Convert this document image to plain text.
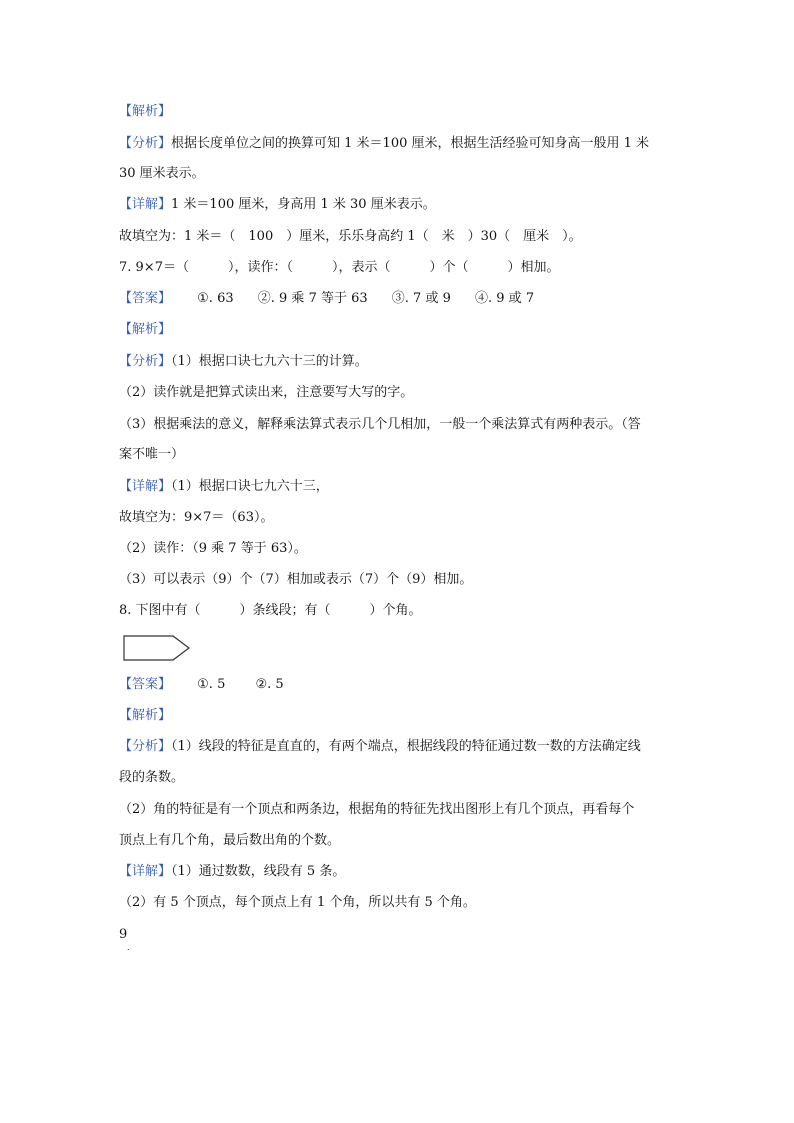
【解析】
【分析】根据长度单位之间的换算可知 1 米＝100 厘米，根据生活经验可知身高一般用 1 米
30 厘米表示。
【详解】1 米＝100 厘米，身高用 1 米 30 厘米表示。
故填空为：1 米＝（　100　）厘米，乐乐身高约 1（　米　）30（　厘米　）。
7. 9×7＝（　　　），读作：（　　　），表示（　　　）个（　　　）相加。
【答案】 ①. 63 ②. 9 乘 7 等于 63 ③. 7 或 9 ④. 9 或 7
【解析】
【分析】（1）根据口诀七九六十三的计算。
（2）读作就是把算式读出来，注意要写大写的字。
（3）根据乘法的意义，解释乘法算式表示几个几相加，一般一个乘法算式有两种表示。（答
案不唯一）
【详解】（1）根据口诀七九六十三，
故填空为：9×7＝（63）。
（2）读作：（9 乘 7 等于 63）。
（3）可以表示（9）个（7）相加或表示（7）个（9）相加。
8. 下图中有（　　　）条线段；有（　　　）个角。
【答案】 ①. 5 ②. 5
【解析】
【分析】（1）线段的特征是直直的，有两个端点，根据线段的特征通过数一数的方法确定线
段的条数。
（2）角的特征是有一个顶点和两条边，根据角的特征先找出图形上有几个顶点，再看每个
顶点上有几个角，最后数出角的个数。
【详解】（1）通过数数，线段有 5 条。
（2）有 5 个顶点，每个顶点上有 1 个角，所以共有 5 个角。
9
.
